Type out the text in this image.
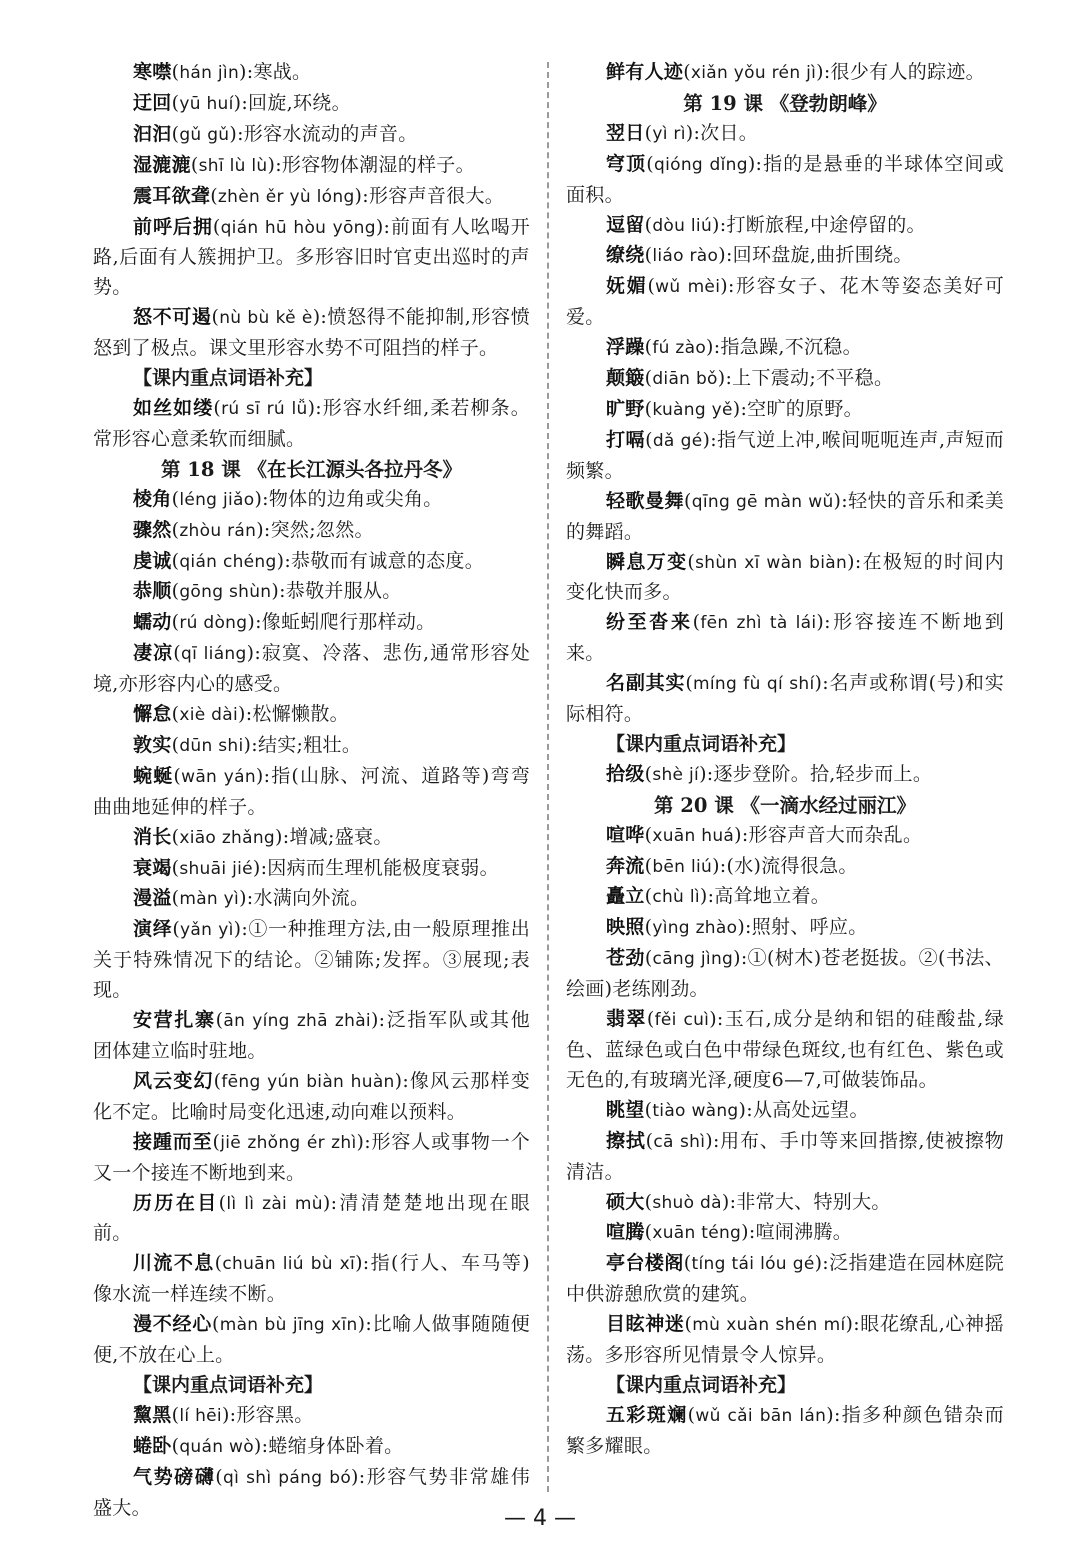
寒噤(hán jìn):寒战。

迂回(yū huí):回旋,环绕。

汩汩(gǔ gǔ):形容水流动的声音。

湿漉漉(shī lù lù):形容物体潮湿的样子。

震耳欲聋(zhèn ěr yù lóng):形容声音很大。

前呼后拥(qián hū hòu yōng):前面有人吆喝开路,后面有人簇拥护卫。多形容旧时官吏出巡时的声势。

怒不可遏(nù bù kě è):愤怒得不能抑制,形容愤怒到了极点。课文里形容水势不可阻挡的样子。

【课内重点词语补充】

如丝如缕(rú sī rú lǚ):形容水纤细,柔若柳条。常形容心意柔软而细腻。

第 18 课 《在长江源头各拉丹冬》

棱角(léng jiǎo):物体的边角或尖角。

骤然(zhòu rán):突然;忽然。

虔诚(qián chéng):恭敬而有诚意的态度。

恭顺(gōng shùn):恭敬并服从。

蠕动(rú dòng):像蚯蚓爬行那样动。

凄凉(qī liáng):寂寞、冷落、悲伤,通常形容处境,亦形容内心的感受。

懈怠(xiè dài):松懈懒散。

敦实(dūn shi):结实;粗壮。

蜿蜒(wān yán):指(山脉、河流、道路等)弯弯曲曲地延伸的样子。

消长(xiāo zhǎng):增减;盛衰。

衰竭(shuāi jié):因病而生理机能极度衰弱。

漫溢(màn yì):水满向外流。

演绎(yǎn yì):①一种推理方法,由一般原理推出关于特殊情况下的结论。②铺陈;发挥。③展现;表现。

安营扎寨(ān yíng zhā zhài):泛指军队或其他团体建立临时驻地。

风云变幻(fēng yún biàn huàn):像风云那样变化不定。比喻时局变化迅速,动向难以预料。

接踵而至(jiē zhǒng ér zhì):形容人或事物一个又一个接连不断地到来。

历历在目(lì lì zài mù):清清楚楚地出现在眼前。

川流不息(chuān liú bù xī):指(行人、车马等)像水流一样连续不断。

漫不经心(màn bù jīng xīn):比喻人做事随随便便,不放在心上。

【课内重点词语补充】

黧黑(lí hēi):形容黑。

蜷卧(quán wò):蜷缩身体卧着。

气势磅礴(qì shì páng bó):形容气势非常雄伟盛大。

鲜有人迹(xiǎn yǒu rén jì):很少有人的踪迹。

第 19 课 《登勃朗峰》

翌日(yì rì):次日。

穹顶(qióng dǐng):指的是悬垂的半球体空间或面积。

逗留(dòu liú):打断旅程,中途停留的。

缭绕(liáo rào):回环盘旋,曲折围绕。

妩媚(wǔ mèi):形容女子、花木等姿态美好可爱。

浮躁(fú zào):指急躁,不沉稳。

颠簸(diān bǒ):上下震动;不平稳。

旷野(kuàng yě):空旷的原野。

打嗝(dǎ gé):指气逆上冲,喉间呃呃连声,声短而频繁。

轻歌曼舞(qīng gē màn wǔ):轻快的音乐和柔美的舞蹈。

瞬息万变(shùn xī wàn biàn):在极短的时间内变化快而多。

纷至沓来(fēn zhì tà lái):形容接连不断地到来。

名副其实(míng fù qí shí):名声或称谓(号)和实际相符。

【课内重点词语补充】

拾级(shè jí):逐步登阶。拾,轻步而上。

第 20 课 《一滴水经过丽江》

喧哗(xuān huá):形容声音大而杂乱。

奔流(bēn liú):(水)流得很急。

矗立(chù lì):高耸地立着。

映照(yìng zhào):照射、呼应。

苍劲(cāng jìng):①(树木)苍老挺拔。②(书法、绘画)老练刚劲。

翡翠(fěi cuì):玉石,成分是纳和铝的硅酸盐,绿色、蓝绿色或白色中带绿色斑纹,也有红色、紫色或无色的,有玻璃光泽,硬度6—7,可做装饰品。

眺望(tiào wàng):从高处远望。

擦拭(cā shì):用布、手巾等来回揩擦,使被擦物清洁。

硕大(shuò dà):非常大、特别大。

喧腾(xuān téng):喧闹沸腾。

亭台楼阁(tíng tái lóu gé):泛指建造在园林庭院中供游憩欣赏的建筑。

目眩神迷(mù xuàn shén mí):眼花缭乱,心神摇荡。多形容所见情景令人惊异。

【课内重点词语补充】

五彩斑斓(wǔ cǎi bān lán):指多种颜色错杂而繁多耀眼。

— 4 —
